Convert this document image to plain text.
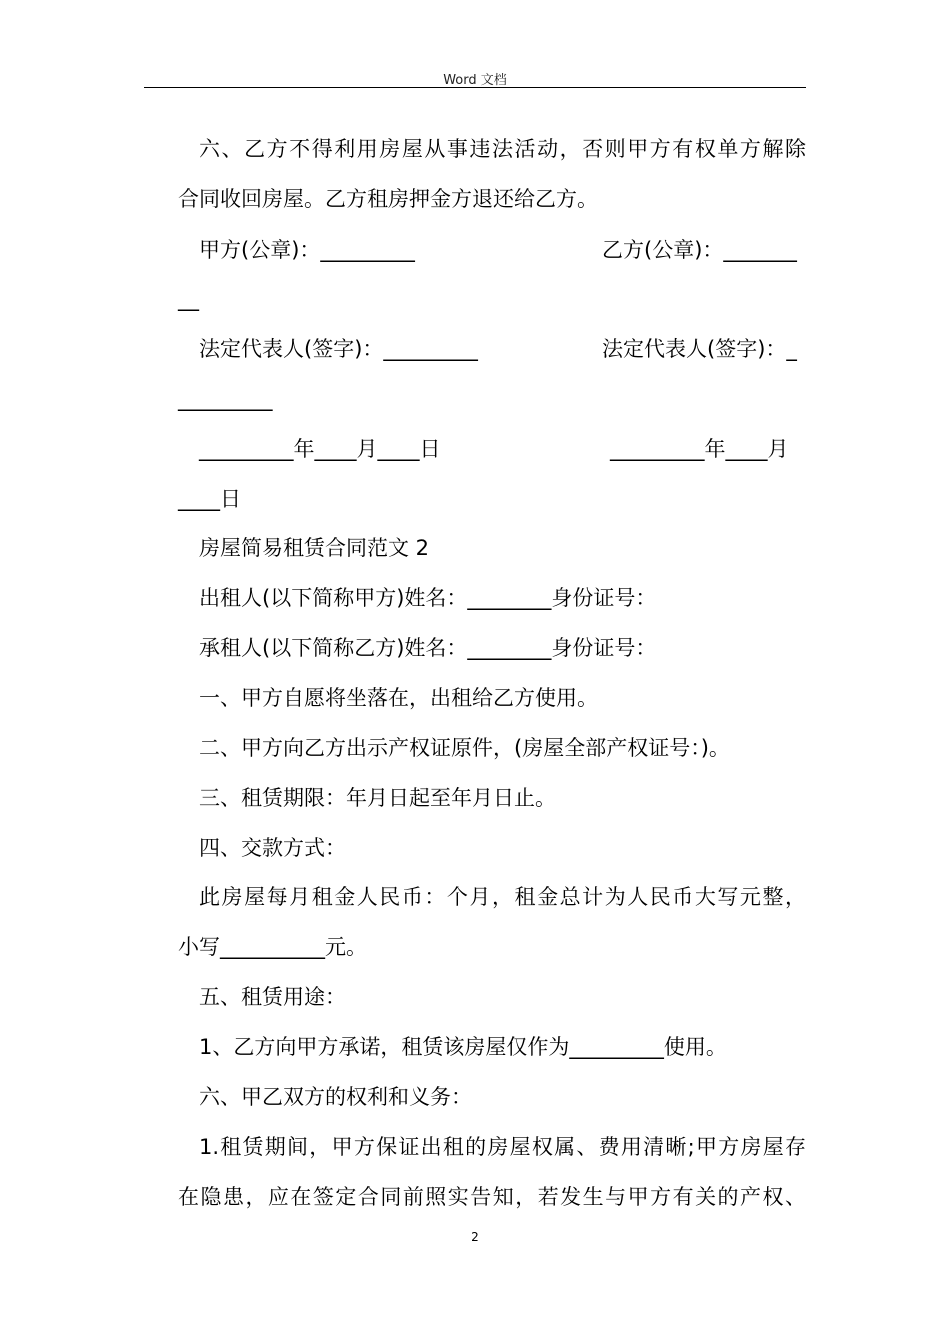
Word 文档
六、乙方不得利用房屋从事违法活动，否则甲方有权单方解除
合同收回房屋。乙方租房押金方退还给乙方。
甲方(公章)：_________	乙方(公章)：_______
__
法定代表人(签字)：_________	法定代表人(签字)：_
_________
_________年____月____日	_________年____月
____日
房屋简易租赁合同范文 2
出租人(以下简称甲方)姓名：________身份证号：
承租人(以下简称乙方)姓名：________身份证号：
一、甲方自愿将坐落在，出租给乙方使用。
二、甲方向乙方出示产权证原件，(房屋全部产权证号：)。
三、租赁期限：年月日起至年月日止。
四、交款方式：
此房屋每月租金人民币：个月，租金总计为人民币大写元整，
小写__________元。
五、租赁用途：
1、乙方向甲方承诺，租赁该房屋仅作为_________使用。
六、甲乙双方的权利和义务：
1.租赁期间，甲方保证出租的房屋权属、费用清晰;甲方房屋存
在隐患，应在签定合同前照实告知，若发生与甲方有关的产权、
2
